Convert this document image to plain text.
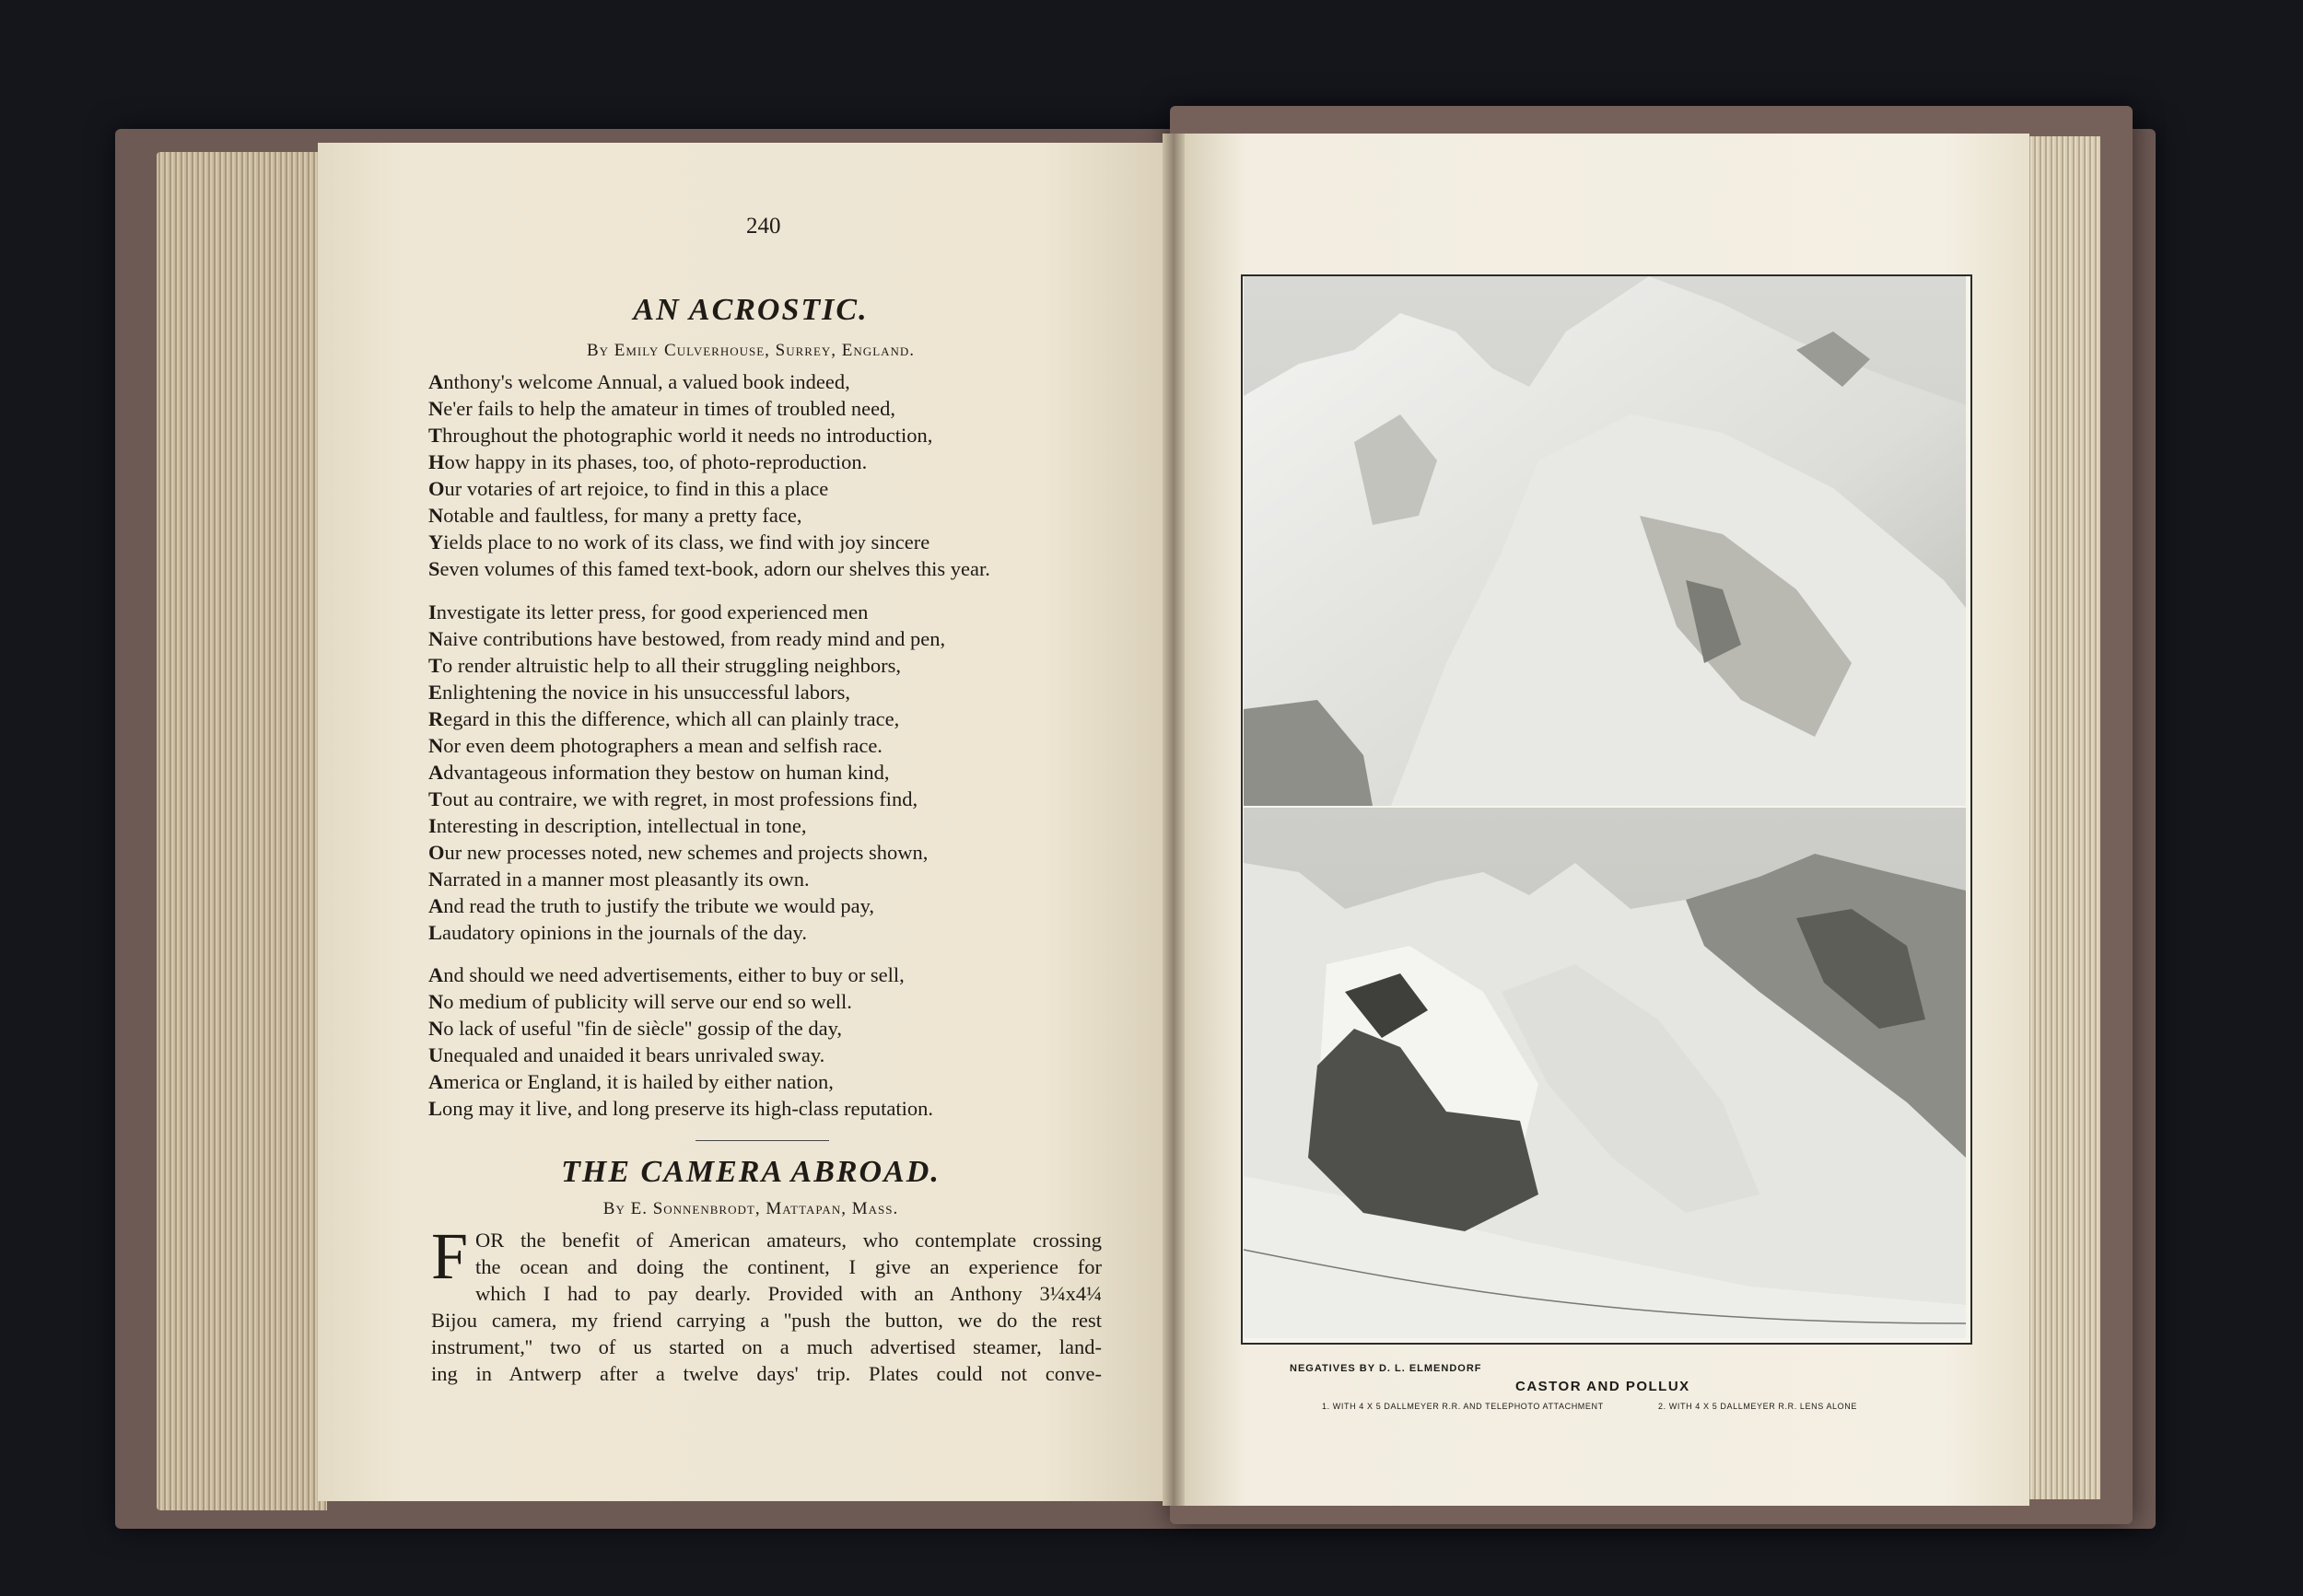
240
AN ACROSTIC.
By Emily Culverhouse, Surrey, England.
Anthony's welcome Annual, a valued book indeed,
Ne'er fails to help the amateur in times of troubled need,
Throughout the photographic world it needs no introduction,
How happy in its phases, too, of photo-reproduction.
Our votaries of art rejoice, to find in this a place
Notable and faultless, for many a pretty face,
Yields place to no work of its class, we find with joy sincere
Seven volumes of this famed text-book, adorn our shelves this year.
Investigate its letter press, for good experienced men
Naive contributions have bestowed, from ready mind and pen,
To render altruistic help to all their struggling neighbors,
Enlightening the novice in his unsuccessful labors,
Regard in this the difference, which all can plainly trace,
Nor even deem photographers a mean and selfish race.
Advantageous information they bestow on human kind,
Tout au contraire, we with regret, in most professions find,
Interesting in description, intellectual in tone,
Our new processes noted, new schemes and projects shown,
Narrated in a manner most pleasantly its own.
And read the truth to justify the tribute we would pay,
Laudatory opinions in the journals of the day.
And should we need advertisements, either to buy or sell,
No medium of publicity will serve our end so well.
No lack of useful ''fin de siècle'' gossip of the day,
Unequaled and unaided it bears unrivaled sway.
America or England, it is hailed by either nation,
Long may it live, and long preserve its high-class reputation.
THE CAMERA ABROAD.
By E. Sonnenbrodt, Mattapan, Mass.
F OR the benefit of American amateurs, who contemplate crossing
the ocean and doing the continent, I give an experience for
which I had to pay dearly. Provided with an Anthony 3¼x4¼
Bijou camera, my friend carrying a ''push the button, we do the rest
instrument,'' two of us started on a much advertised steamer, land-
ing in Antwerp after a twelve days' trip. Plates could not conve-	NEGATIVES BY D. L. ELMENDORF
CASTOR AND POLLUX
1. WITH 4 X 5 DALLMEYER R.R. AND TELEPHOTO ATTACHMENT	2. WITH 4 X 5 DALLMEYER R.R. LENS ALONE
